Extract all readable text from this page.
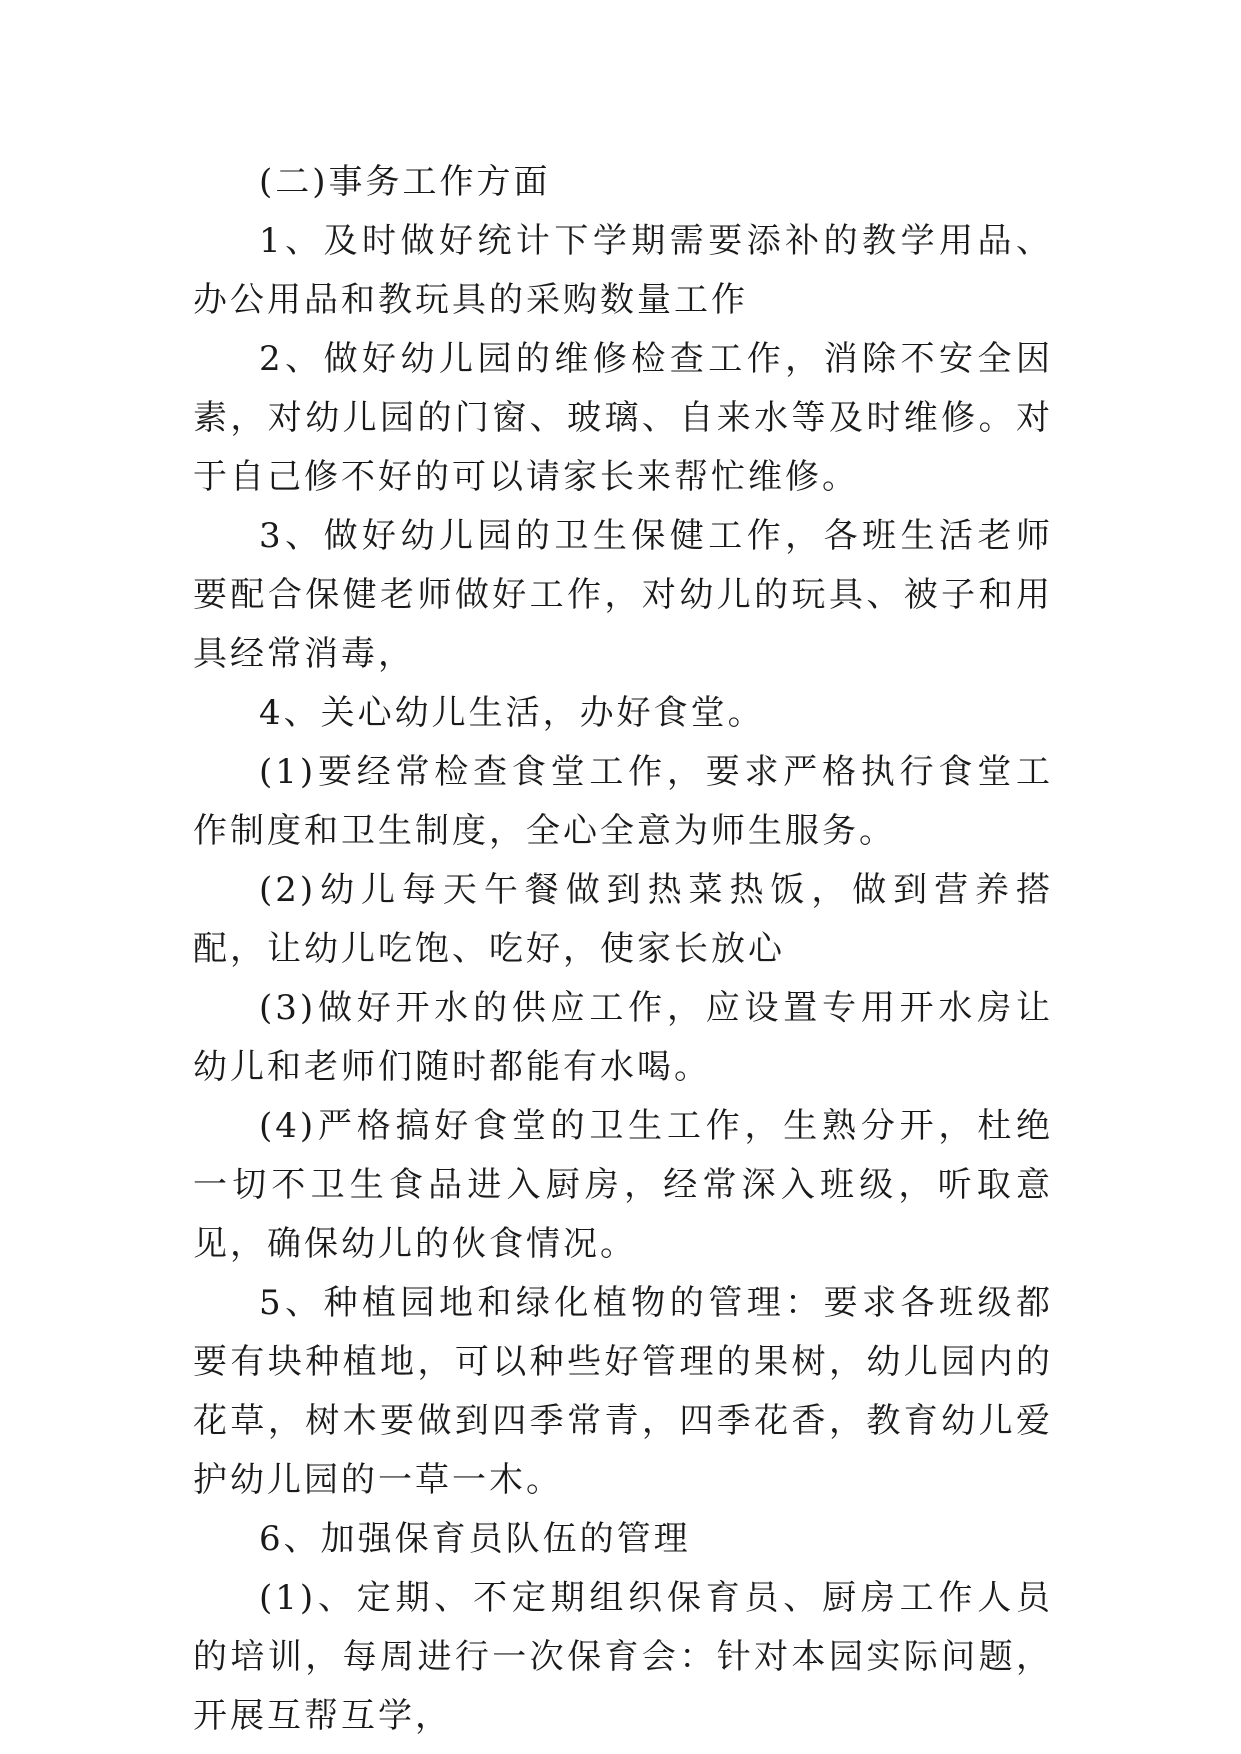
(二)事务工作方面

1、及时做好统计下学期需要添补的教学用品、办公用品和教玩具的采购数量工作

2、做好幼儿园的维修检查工作，消除不安全因素，对幼儿园的门窗、玻璃、自来水等及时维修。对于自己修不好的可以请家长来帮忙维修。

3、做好幼儿园的卫生保健工作，各班生活老师要配合保健老师做好工作，对幼儿的玩具、被子和用具经常消毒，

4、关心幼儿生活，办好食堂。

(1)要经常检查食堂工作，要求严格执行食堂工作制度和卫生制度，全心全意为师生服务。

(2)幼儿每天午餐做到热菜热饭，做到营养搭配，让幼儿吃饱、吃好，使家长放心

(3)做好开水的供应工作，应设置专用开水房让幼儿和老师们随时都能有水喝。

(4)严格搞好食堂的卫生工作，生熟分开，杜绝一切不卫生食品进入厨房，经常深入班级，听取意见，确保幼儿的伙食情况。

5、种植园地和绿化植物的管理：要求各班级都要有块种植地，可以种些好管理的果树，幼儿园内的花草，树木要做到四季常青，四季花香，教育幼儿爱护幼儿园的一草一木。

6、加强保育员队伍的管理

(1)、定期、不定期组织保育员、厨房工作人员的培训，每周进行一次保育会：针对本园实际问题，开展互帮互学，
